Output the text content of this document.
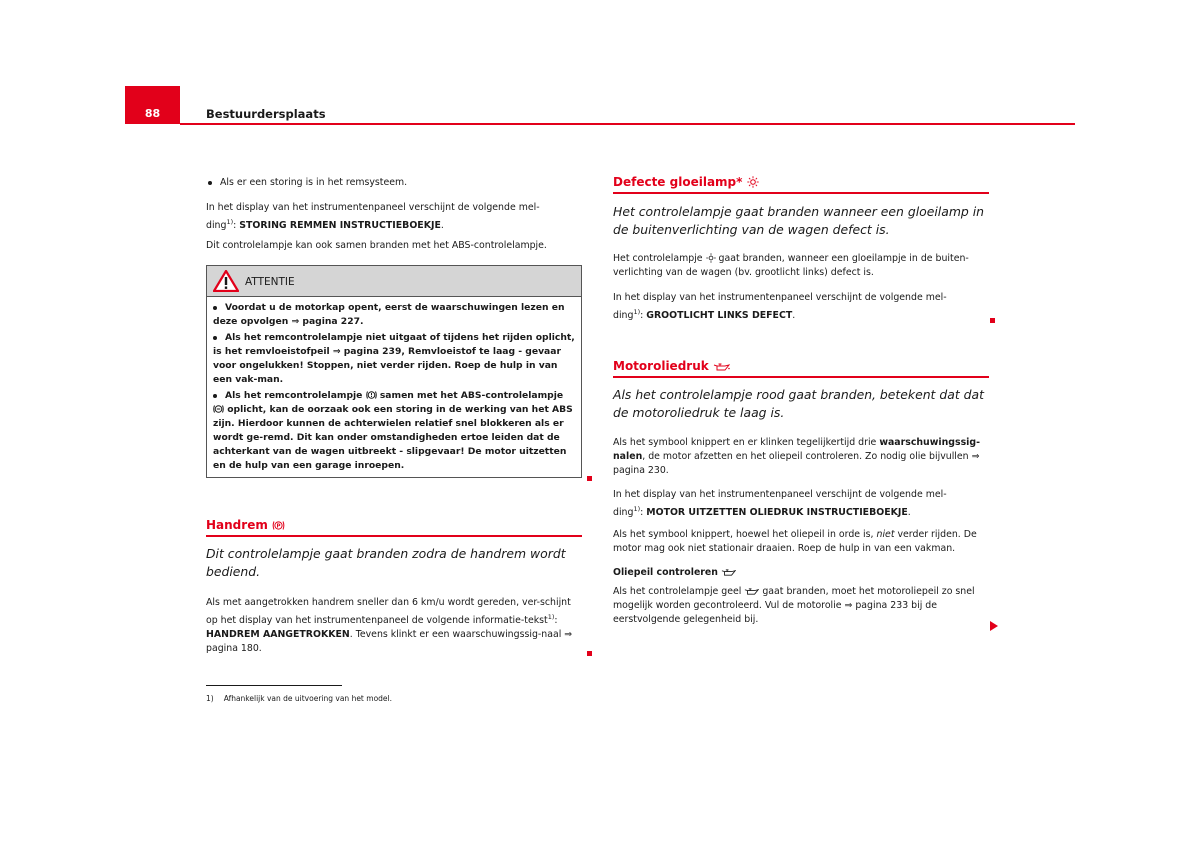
88	Bestuurdersplaats
Als er een storing is in het remsysteem.
In het display van het instrumentenpaneel verschijnt de volgende mel-
ding$^{1)}$: STORING REMMEN INSTRUCTIEBOEKJE.
Dit controlelampje kan ook samen branden met het ABS-controlelampje.
ATTENTIE
Voordat u de motorkap opent, eerst de waarschuwingen lezen en deze opvolgen ⇒ pagina 227.
Als het remcontrolelampje niet uitgaat of tijdens het rijden oplicht, is het remvloeistofpeil ⇒ pagina 239, Remvloeistof te laag - gevaar voor ongelukken! Stoppen, niet verder rijden. Roep de hulp in van een vak-man.
Als het remcontrolelampje samen met het ABS-controlelampje  oplicht, kan de oorzaak ook een storing in de werking van het ABS zijn. Hierdoor kunnen de achterwielen relatief snel blokkeren als er wordt ge-remd. Dit kan onder omstandigheden ertoe leiden dat de achterkant van de wagen uitbreekt - slipgevaar! De motor uitzetten en de hulp van een garage inroepen.
Handrem P
Dit controlelampje gaat branden zodra de handrem wordt bediend.
Als met aangetrokken handrem sneller dan 6 km/u wordt gereden, ver-schijnt op het display van het instrumentenpaneel de volgende informatie-tekst$^{1)}$: HANDREM AANGETROKKEN. Tevens klinkt er een waarschuwingssig-naal ⇒ pagina 180.
1) Afhankelijk van de uitvoering van het model.
Defecte gloeilamp*
Het controlelampje gaat branden wanneer een gloeilamp in de buitenverlichting van de wagen defect is.
Het controlelampje gaat branden, wanneer een gloeilampje in de buiten-verlichting van de wagen (bv. grootlicht links) defect is.
In het display van het instrumentenpaneel verschijnt de volgende mel-ding$^{1)}$: GROOTLICHT LINKS DEFECT.
Motoroliedruk
Als het controlelampje rood gaat branden, betekent dat dat de motoroliedruk te laag is.
Als het symbool knippert en er klinken tegelijkertijd drie waarschuwingssig-nalen, de motor afzetten en het oliepeil controleren. Zo nodig olie bijvullen ⇒ pagina 230.
In het display van het instrumentenpaneel verschijnt de volgende mel-ding$^{1)}$: MOTOR UITZETTEN OLIEDRUK INSTRUCTIEBOEKJE.
Als het symbool knippert, hoewel het oliepeil in orde is, niet verder rijden. De motor mag ook niet stationair draaien. Roep de hulp in van een vakman.
Oliepeil controleren
Als het controlelampje geel gaat branden, moet het motoroliepeil zo snel mogelijk worden gecontroleerd. Vul de motorolie ⇒ pagina 233 bij de eerstvolgende gelegenheid bij.
